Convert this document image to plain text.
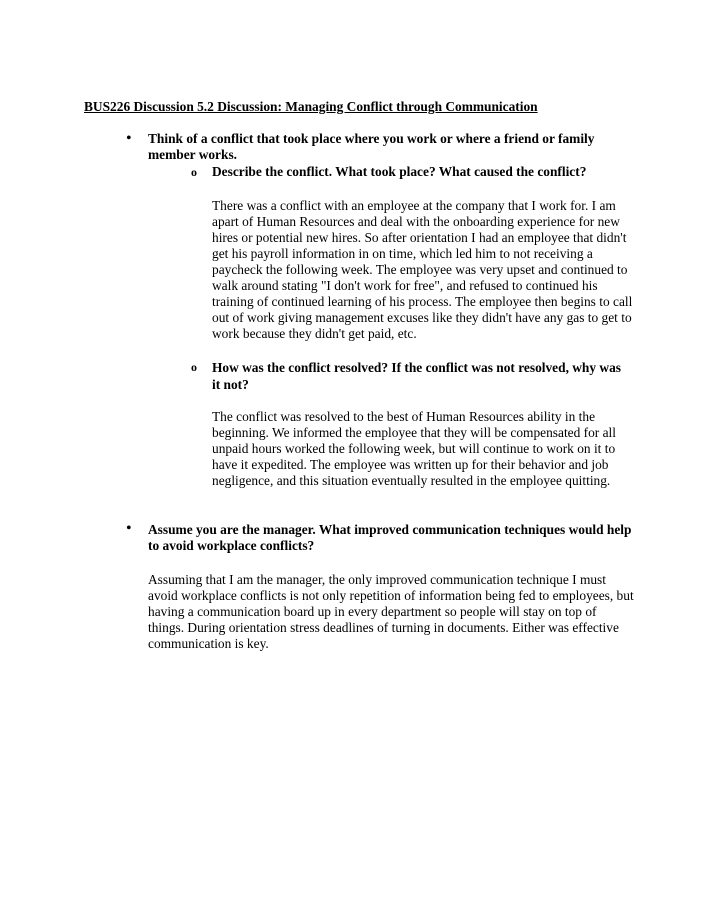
BUS226 Discussion 5.2 Discussion: Managing Conflict through Communication
• Think of a conflict that took place where you work or where a friend or family member works.
o Describe the conflict. What took place? What caused the conflict?

There was a conflict with an employee at the company that I work for. I am apart of Human Resources and deal with the onboarding experience for new hires or potential new hires. So after orientation I had an employee that didn't get his payroll information in on time, which led him to not receiving a paycheck the following week. The employee was very upset and continued to walk around stating "I don't work for free", and refused to continued his training of continued learning of his process. The employee then begins to call out of work giving management excuses like they didn't have any gas to get to work because they didn't get paid, etc.

o How was the conflict resolved? If the conflict was not resolved, why was it not?

The conflict was resolved to the best of Human Resources ability in the beginning. We informed the employee that they will be compensated for all unpaid hours worked the following week, but will continue to work on it to have it expedited. The employee was written up for their behavior and job negligence, and this situation eventually resulted in the employee quitting.

• Assume you are the manager. What improved communication techniques would help to avoid workplace conflicts?

Assuming that I am the manager, the only improved communication technique I must avoid workplace conflicts is not only repetition of information being fed to employees, but having a communication board up in every department so people will stay on top of things. During orientation stress deadlines of turning in documents. Either was effective communication is key.
